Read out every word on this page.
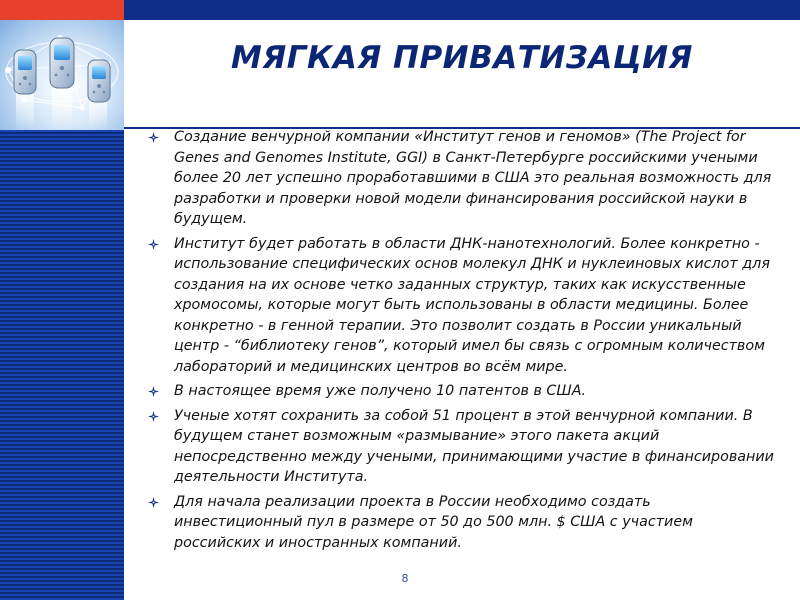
МЯГКАЯ ПРИВАТИЗАЦИЯ
Создание венчурной компании «Институт генов и геномов» (The Project for Genes and Genomes Institute, GGI) в Санкт-Петербурге российскими учеными более 20 лет успешно проработавшими в США это реальная возможность для разработки и проверки новой модели финансирования российской науки в будущем.
Институт будет работать в области ДНК-нанотехнологий. Более конкретно - использование специфических основ молекул ДНК и нуклеиновых кислот для создания на их основе четко заданных структур, таких как искусственные хромосомы, которые могут быть использованы в области медицины. Более конкретно - в генной терапии. Это позволит создать в России уникальный центр - “библиотеку генов”, который имел бы связь с огромным количеством лабораторий и медицинских центров во всём мире.
В настоящее время уже получено 10 патентов в США.
Ученые хотят сохранить за собой 51 процент в этой венчурной компании. В будущем станет возможным «размывание» этого пакета акций непосредственно между учеными, принимающими участие в финансировании деятельности Института.
Для начала реализации проекта в России необходимо создать инвестиционный пул в размере от 50 до 500 млн. $ США с участием российских и иностранных компаний.
8
